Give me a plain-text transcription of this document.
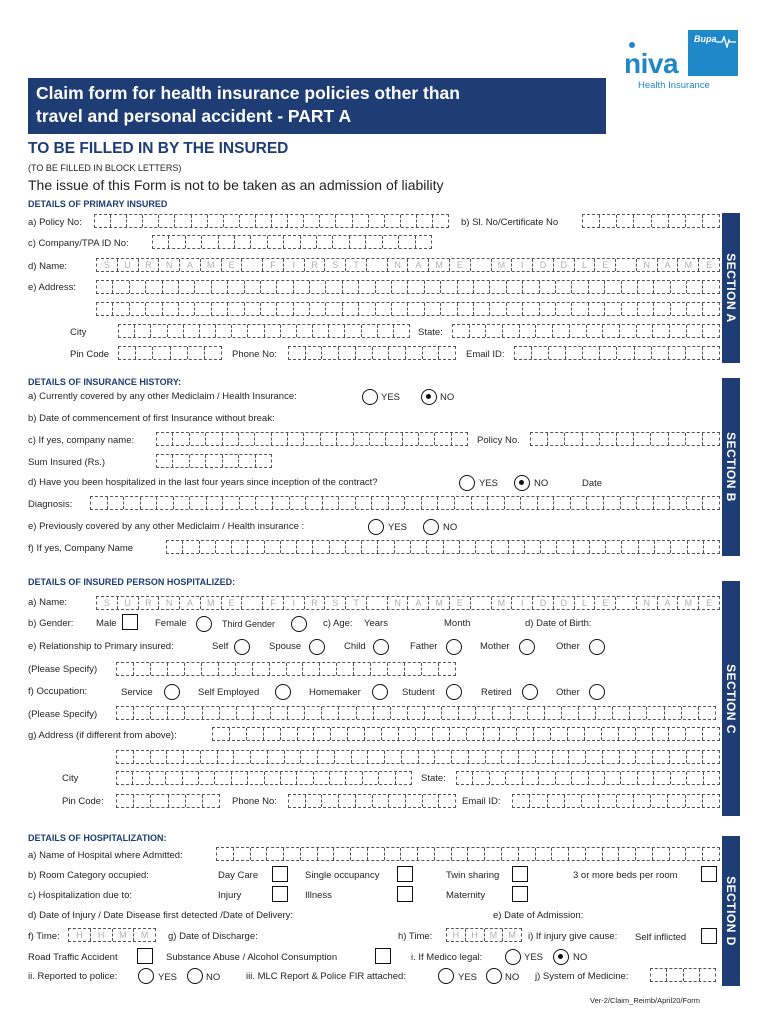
Claim form for health insurance policies other than
travel and personal accident - PART A
niva
Bupa
Health Insurance
TO BE FILLED IN BY THE INSURED
(TO BE FILLED IN BLOCK LETTERS)
The issue of this Form is not to be taken as an admission of liability
SECTION A
DETAILS OF PRIMARY INSURED
a) Policy No:	b) Sl. No/Certificate No
c) Company/TPA ID No:
d) Name:	S	U	R	N	A	M	E	F	I	R	S	T	N	A	M	E	M	I	D	D	L	E	N	A	M	E
e) Address:
City	State:
Pin Code	Phone No:	Email ID:
SECTION B
DETAILS OF INSURANCE HISTORY:
a) Currently covered by any other Mediclaim / Health Insurance:	YES	NO
b) Date of commencement of first Insurance without break:
c) If yes, company name:	Policy No.
Sum Insured (Rs.)
d) Have you been hospitalized in the last four years since inception of the contract?	YES	NO	Date
Diagnosis:
e) Previously covered by any other Mediclaim / Health insurance :	YES	NO
f) If yes, Company Name
SECTION C
DETAILS OF INSURED PERSON HOSPITALIZED:
a) Name:	S	U	R	N	A	M	E	F	I	R	S	T	N	A	M	E	M	I	D	D	L	E	N	A	M	E
b) Gender: Male	Female	Third Gender	c) Age: Years	Month	d) Date of Birth:
e) Relationship to Primary insured:	Self	Spouse	Child	Father	Mother	Other
(Please Specify)
f) Occupation:	Service	Self Employed	Homemaker	Student	Retired	Other
(Please Specify)
g) Address (if different from above):
City	State:
Pin Code:	Phone No:	Email ID:
SECTION D
DETAILS OF HOSPITALIZATION:
a) Name of Hospital where Admitted:
b) Room Category occupied:	Day Care	Single occupancy	Twin sharing	3 or more beds per room
c) Hospitalization due to:	Injury	Illness	Maternity
d) Date of Injury / Date Disease first detected /Date of Delivery:	e) Date of Admission:
f) Time:	H	H	M	M	g) Date of Discharge:	h) Time:	H	H	M	M	i) If injury give cause: Self inflicted
Road Traffic Accident	Substance Abuse / Alcohol Consumption	i. If Medico legal:	YES	NO
ii. Reported to police:	YES	NO	iii. MLC Report & Police FIR attached:	YES	NO j) System of Medicine:
Ver-2/Claim_Reimb/April20/Form
